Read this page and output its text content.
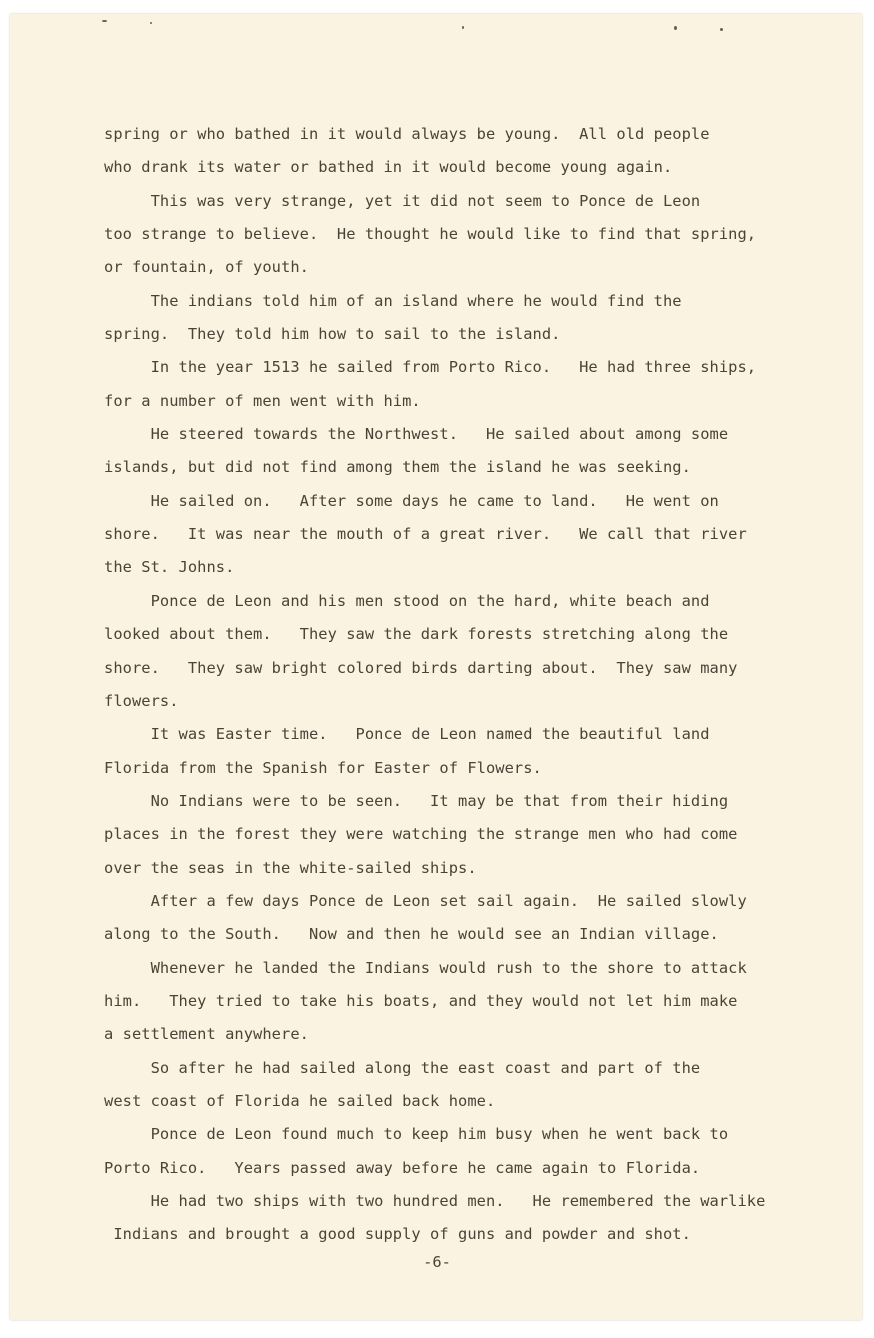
spring or who bathed in it would always be young.  All old people
who drank its water or bathed in it would become young again.
This was very strange, yet it did not seem to Ponce de Leon
too strange to believe.  He thought he would like to find that spring,
or fountain, of youth.
The indians told him of an island where he would find the
spring.  They told him how to sail to the island.
In the year 1513 he sailed from Porto Rico.   He had three ships,
for a number of men went with him.
He steered towards the Northwest.   He sailed about among some
islands, but did not find among them the island he was seeking.
He sailed on.   After some days he came to land.   He went on
shore.   It was near the mouth of a great river.   We call that river
the St. Johns.
Ponce de Leon and his men stood on the hard, white beach and
looked about them.   They saw the dark forests stretching along the
shore.   They saw bright colored birds darting about.  They saw many
flowers.
It was Easter time.   Ponce de Leon named the beautiful land
Florida from the Spanish for Easter of Flowers.
No Indians were to be seen.   It may be that from their hiding
places in the forest they were watching the strange men who had come
over the seas in the white-sailed ships.
After a few days Ponce de Leon set sail again.  He sailed slowly
along to the South.   Now and then he would see an Indian village.
Whenever he landed the Indians would rush to the shore to attack
him.   They tried to take his boats, and they would not let him make
a settlement anywhere.
So after he had sailed along the east coast and part of the
west coast of Florida he sailed back home.
Ponce de Leon found much to keep him busy when he went back to
Porto Rico.   Years passed away before he came again to Florida.
He had two ships with two hundred men.   He remembered the warlike
Indians and brought a good supply of guns and powder and shot.
-6-
